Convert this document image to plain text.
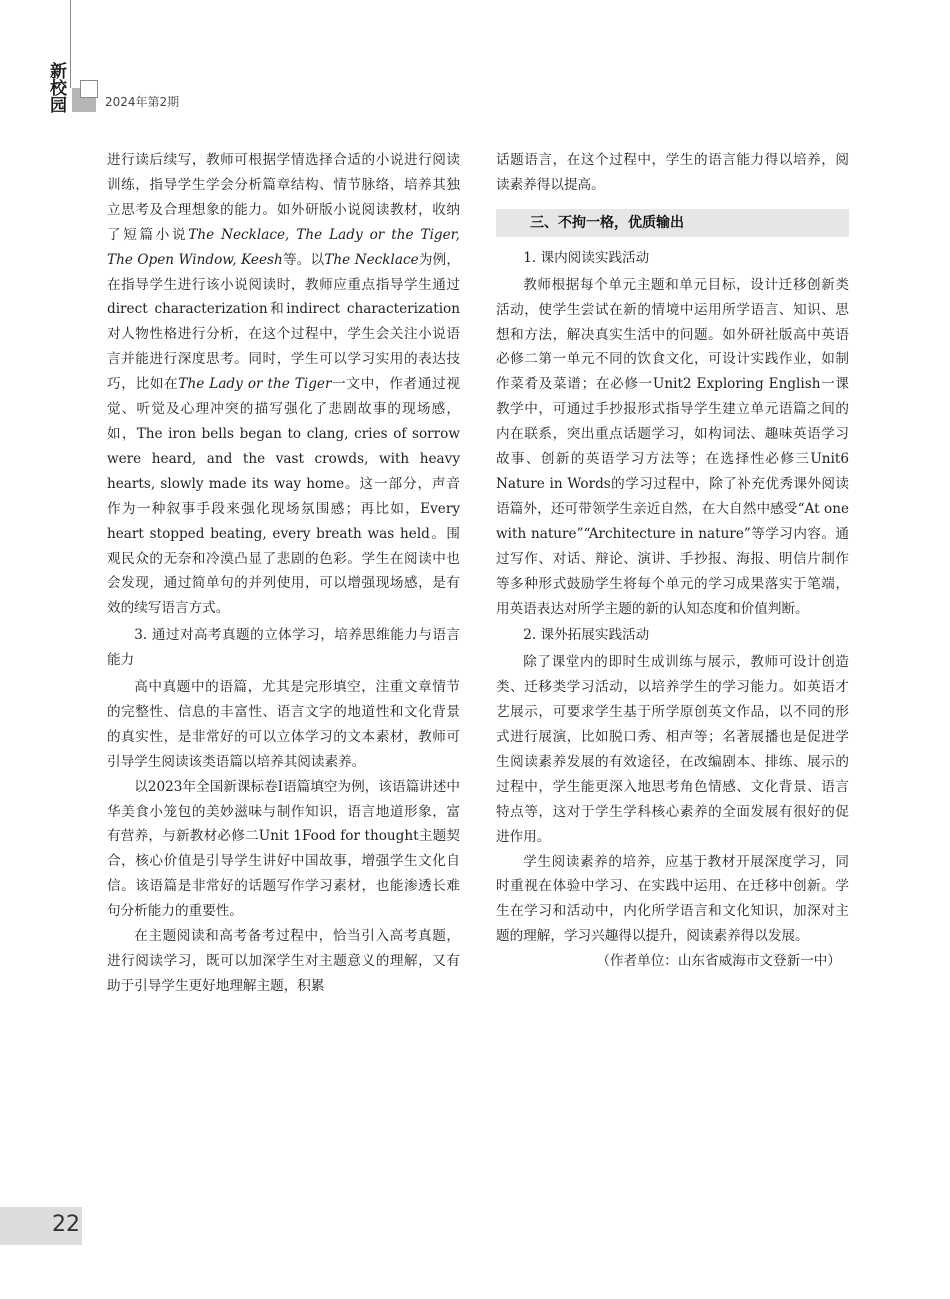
新
校
园	2024年第2期

进行读后续写，教师可根据学情选择合适的小说进行阅读训练，指导学生学会分析篇章结构、情节脉络，培养其独立思考及合理想象的能力。如外研版小说阅读教材，收纳了短篇小说The Necklace, The Lady or the Tiger, The Open Window, Keesh等。以The Necklace为例，在指导学生进行该小说阅读时，教师应重点指导学生通过direct characterization和indirect characterization对人物性格进行分析，在这个过程中，学生会关注小说语言并能进行深度思考。同时，学生可以学习实用的表达技巧，比如在The Lady or the Tiger一文中，作者通过视觉、听觉及心理冲突的描写强化了悲剧故事的现场感，如，The iron bells began to clang, cries of sorrow were heard, and the vast crowds, with heavy hearts, slowly made its way home。这一部分，声音作为一种叙事手段来强化现场氛围感；再比如，Every heart stopped beating, every breath was held。围观民众的无奈和冷漠凸显了悲剧的色彩。学生在阅读中也会发现，通过简单句的并列使用，可以增强现场感，是有效的续写语言方式。

3. 通过对高考真题的立体学习，培养思维能力与语言能力

高中真题中的语篇，尤其是完形填空，注重文章情节的完整性、信息的丰富性、语言文字的地道性和文化背景的真实性，是非常好的可以立体学习的文本素材，教师可引导学生阅读该类语篇以培养其阅读素养。

以2023年全国新课标卷Ⅰ语篇填空为例，该语篇讲述中华美食小笼包的美妙滋味与制作知识，语言地道形象，富有营养，与新教材必修二Unit 1Food for thought主题契合，核心价值是引导学生讲好中国故事，增强学生文化自信。该语篇是非常好的话题写作学习素材，也能渗透长难句分析能力的重要性。

在主题阅读和高考备考过程中，恰当引入高考真题，进行阅读学习，既可以加深学生对主题意义的理解，又有助于引导学生更好地理解主题，积累

话题语言，在这个过程中，学生的语言能力得以培养，阅读素养得以提高。

三、不拘一格，优质输出

1. 课内阅读实践活动

教师根据每个单元主题和单元目标，设计迁移创新类活动，使学生尝试在新的情境中运用所学语言、知识、思想和方法，解决真实生活中的问题。如外研社版高中英语必修二第一单元不同的饮食文化，可设计实践作业，如制作菜肴及菜谱；在必修一Unit2 Exploring English一课教学中，可通过手抄报形式指导学生建立单元语篇之间的内在联系，突出重点话题学习，如构词法、趣味英语学习故事、创新的英语学习方法等；在选择性必修三Unit6 Nature in Words的学习过程中，除了补充优秀课外阅读语篇外，还可带领学生亲近自然，在大自然中感受“At one with nature”“Architecture in nature”等学习内容。通过写作、对话、辩论、演讲、手抄报、海报、明信片制作等多种形式鼓励学生将每个单元的学习成果落实于笔端，用英语表达对所学主题的新的认知态度和价值判断。

2. 课外拓展实践活动

除了课堂内的即时生成训练与展示，教师可设计创造类、迁移类学习活动，以培养学生的学习能力。如英语才艺展示，可要求学生基于所学原创英文作品，以不同的形式进行展演，比如脱口秀、相声等；名著展播也是促进学生阅读素养发展的有效途径，在改编剧本、排练、展示的过程中，学生能更深入地思考角色情感、文化背景、语言特点等，这对于学生学科核心素养的全面发展有很好的促进作用。

学生阅读素养的培养，应基于教材开展深度学习，同时重视在体验中学习、在实践中运用、在迁移中创新。学生在学习和活动中，内化所学语言和文化知识，加深对主题的理解，学习兴趣得以提升，阅读素养得以发展。

（作者单位：山东省威海市文登新一中）

22
